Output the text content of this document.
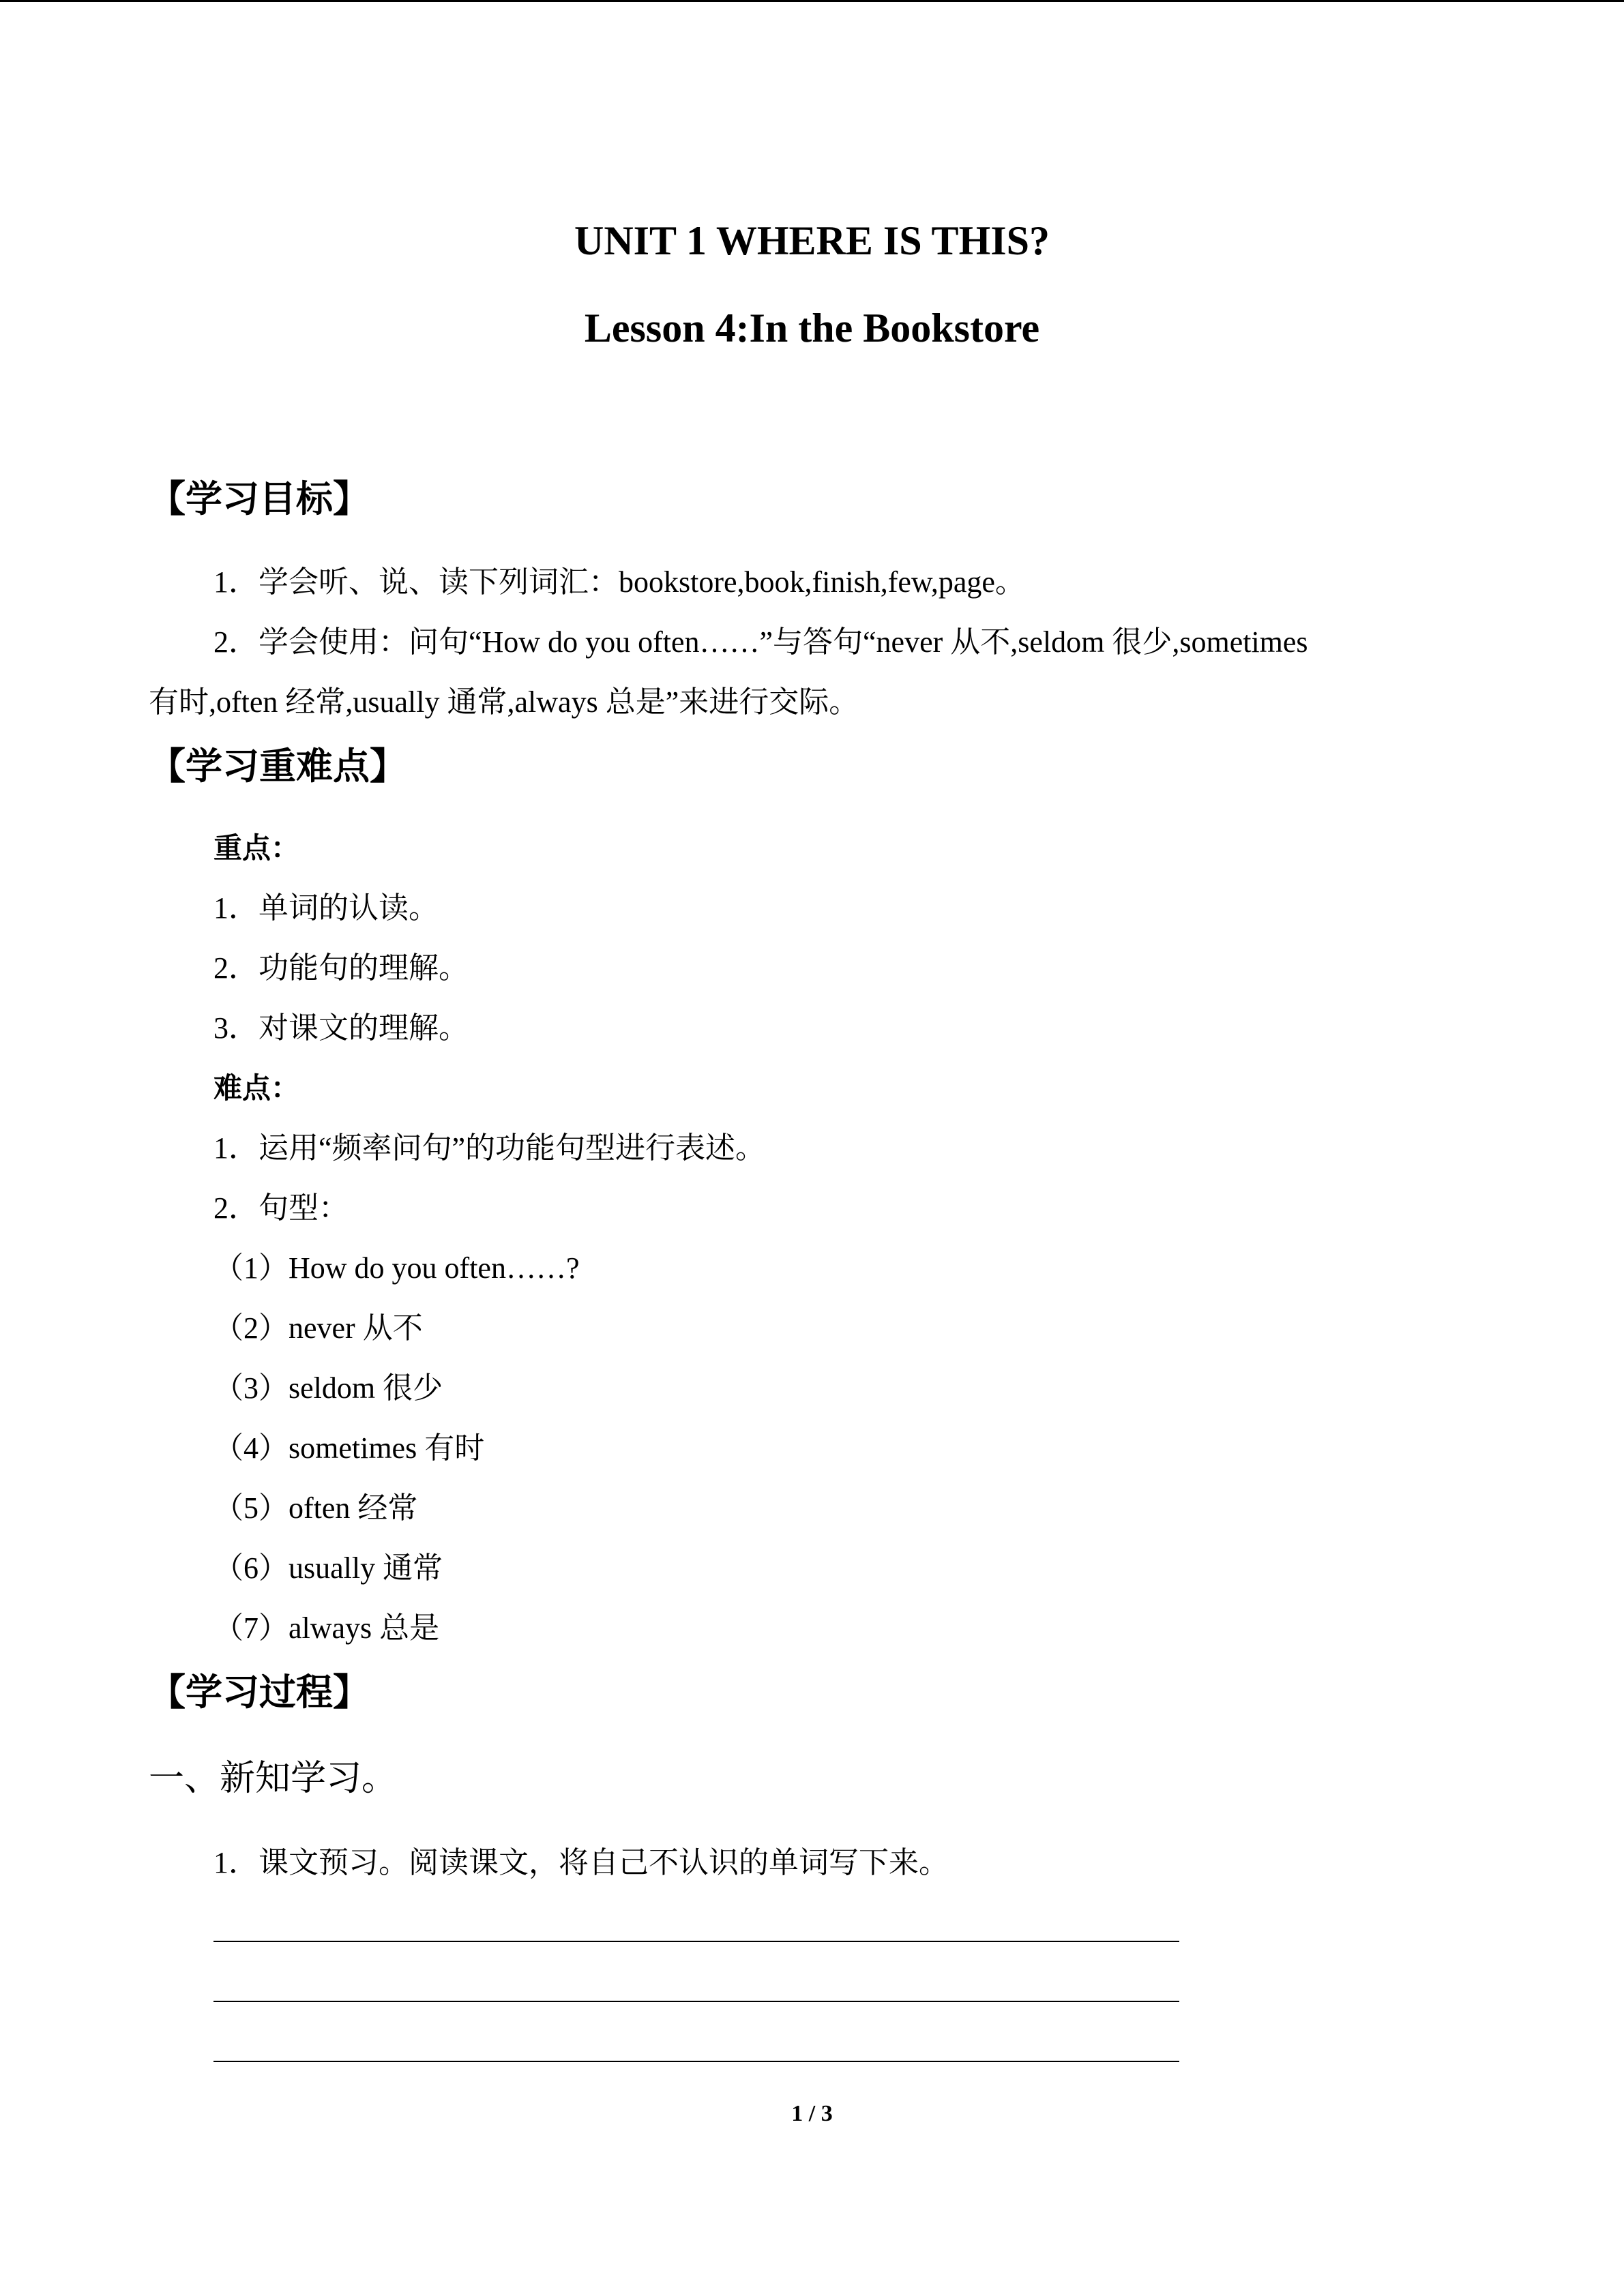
UNIT 1 WHERE IS THIS?
Lesson 4:In the Bookstore
【学习目标】
1．学会听、说、读下列词汇：bookstore,book,finish,few,page。
2．学会使用：问句“How do you often……”与答句“never 从不,seldom 很少,sometimes
有时,often 经常,usually 通常,always 总是”来进行交际。
【学习重难点】
重点：
1．单词的认读。
2．功能句的理解。
3．对课文的理解。
难点：
1．运用“频率问句”的功能句型进行表述。
2．句型：
（1）How do you often……?
（2）never 从不
（3）seldom 很少
（4）sometimes 有时
（5）often 经常
（6）usually 通常
（7）always 总是
【学习过程】
一、新知学习。
1．课文预习。阅读课文，将自己不认识的单词写下来。
1 / 3
